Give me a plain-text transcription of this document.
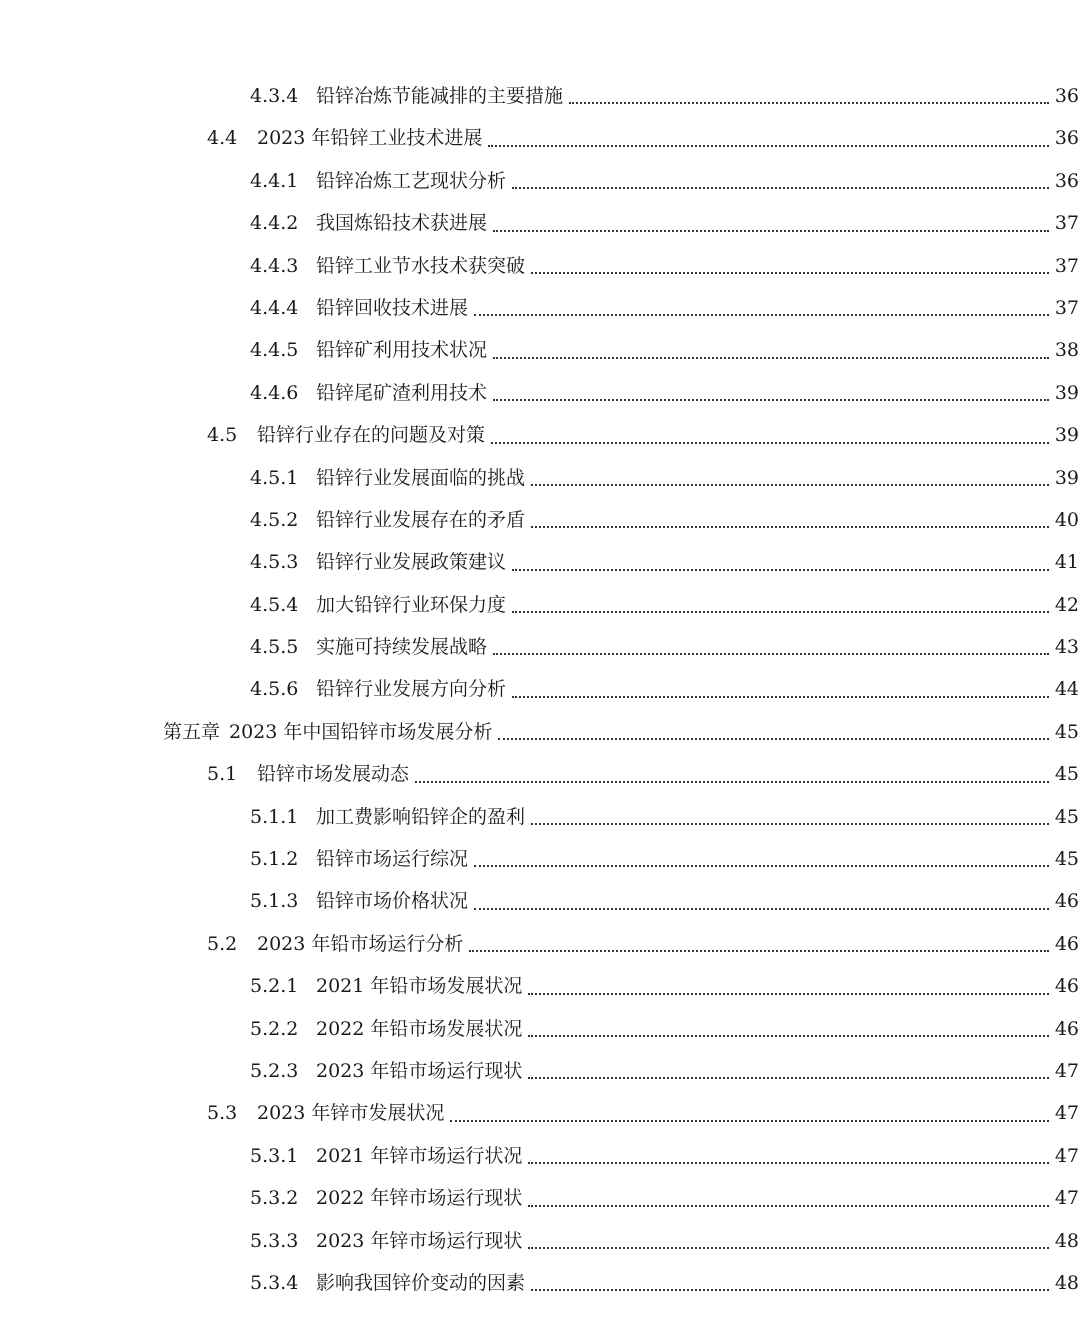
4.3.4 铅锌冶炼节能减排的主要措施	36
4.4	2023 年铅锌工业技术进展	36
4.4.1 铅锌冶炼工艺现状分析	36
4.4.2 我国炼铅技术获进展	37
4.4.3 铅锌工业节水技术获突破	37
4.4.4 铅锌回收技术进展	37
4.4.5 铅锌矿利用技术状况	38
4.4.6 铅锌尾矿渣利用技术	39
4.5	铅锌行业存在的问题及对策	39
4.5.1 铅锌行业发展面临的挑战	39
4.5.2 铅锌行业发展存在的矛盾	40
4.5.3 铅锌行业发展政策建议	41
4.5.4 加大铅锌行业环保力度	42
4.5.5 实施可持续发展战略	43
4.5.6 铅锌行业发展方向分析	44
第五章 2023 年中国铅锌市场发展分析	45
5.1	铅锌市场发展动态	45
5.1.1 加工费影响铅锌企的盈利	45
5.1.2 铅锌市场运行综况	45
5.1.3 铅锌市场价格状况	46
5.2	2023 年铅市场运行分析	46
5.2.1 2021 年铅市场发展状况	46
5.2.2 2022 年铅市场发展状况	46
5.2.3 2023 年铅市场运行现状	47
5.3	2023 年锌市发展状况	47
5.3.1 2021 年锌市场运行状况	47
5.3.2 2022 年锌市场运行现状	47
5.3.3 2023 年锌市场运行现状	48
5.3.4 影响我国锌价变动的因素	48
